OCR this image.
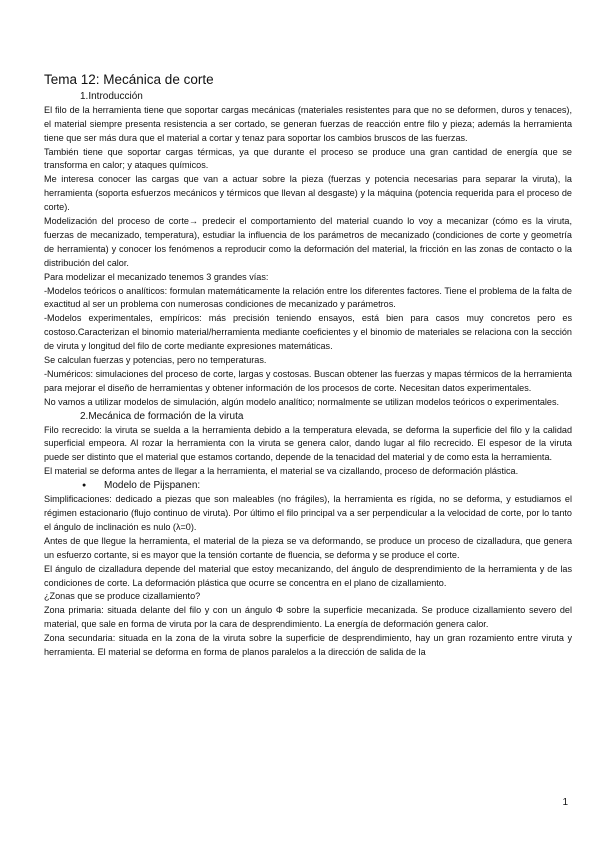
Tema 12: Mecánica de corte
1.Introducción

El filo de la herramienta tiene que soportar cargas mecánicas (materiales resistentes para que no se deformen, duros y tenaces), el material siempre presenta resistencia a ser cortado, se generan fuerzas de reacción entre filo y pieza; además la herramienta tiene que ser más dura que el material a cortar y tenaz para soportar los cambios bruscos de las fuerzas.

También tiene que soportar cargas térmicas, ya que durante el proceso se produce una gran cantidad de energía que se transforma en calor; y ataques químicos.

Me interesa conocer las cargas que van a actuar sobre la pieza (fuerzas y potencia necesarias para separar la viruta), la herramienta (soporta esfuerzos mecánicos y térmicos que llevan al desgaste) y la máquina (potencia requerida para el proceso de corte).

Modelización del proceso de corte→ predecir el comportamiento del material cuando lo voy a mecanizar (cómo es la viruta, fuerzas de mecanizado, temperatura), estudiar la influencia de los parámetros de mecanizado (condiciones de corte y geometría de herramienta) y conocer los fenómenos a reproducir como la deformación del material, la fricción en las zonas de contacto o la distribución del calor.

Para modelizar el mecanizado tenemos 3 grandes vías:

-Modelos teóricos o analíticos: formulan matemáticamente la relación entre los diferentes factores. Tiene el problema de la falta de exactitud al ser un problema con numerosas condiciones de mecanizado y parámetros.

-Modelos experimentales, empíricos: más precisión teniendo ensayos, está bien para casos muy concretos pero es costoso.Caracterizan el binomio material/herramienta mediante coeficientes y el binomio de materiales se relaciona con la sección de viruta y longitud del filo de corte mediante expresiones matemáticas.

Se calculan fuerzas y potencias, pero no temperaturas.

-Numéricos: simulaciones del proceso de corte, largas y costosas. Buscan obtener las fuerzas y mapas térmicos de la herramienta para mejorar el diseño de herramientas y obtener información de los procesos de corte. Necesitan datos experimentales.

No vamos a utilizar modelos de simulación, algún modelo analítico; normalmente se utilizan modelos teóricos o experimentales.

2.Mecánica de formación de la viruta

Filo recrecido: la viruta se suelda a la herramienta debido a la temperatura elevada, se deforma la superficie del filo y la calidad superficial empeora. Al rozar la herramienta con la viruta se genera calor, dando lugar al filo recrecido. El espesor de la viruta puede ser distinto que el material que estamos cortando, depende de la tenacidad del material y de como esta la herramienta.

El material se deforma antes de llegar a la herramienta, el material se va cizallando, proceso de deformación plástica.

● Modelo de Pijspanen:

Simplificaciones: dedicado a piezas que son maleables (no frágiles), la herramienta es rígida, no se deforma, y estudiamos el régimen estacionario (flujo continuo de viruta). Por último el filo principal va a ser perpendicular a la velocidad de corte, por lo tanto el ángulo de inclinación es nulo (λ=0).

Antes de que llegue la herramienta, el material de la pieza se va deformando, se produce un proceso de cizalladura, que genera un esfuerzo cortante, si es mayor que la tensión cortante de fluencia, se deforma y se produce el corte.

El ángulo de cizalladura depende del material que estoy mecanizando, del ángulo de desprendimiento de la herramienta y de las condiciones de corte. La deformación plástica que ocurre se concentra en el plano de cizallamiento.

¿Zonas que se produce cizallamiento?

Zona primaria: situada delante del filo y con un ángulo Φ sobre la superficie mecanizada. Se produce cizallamiento severo del material, que sale en forma de viruta por la cara de desprendimiento. La energía de deformación genera calor.

Zona secundaria: situada en la zona de la viruta sobre la superficie de desprendimiento, hay un gran rozamiento entre viruta y herramienta. El material se deforma en forma de planos paralelos a la dirección de salida de la

1
